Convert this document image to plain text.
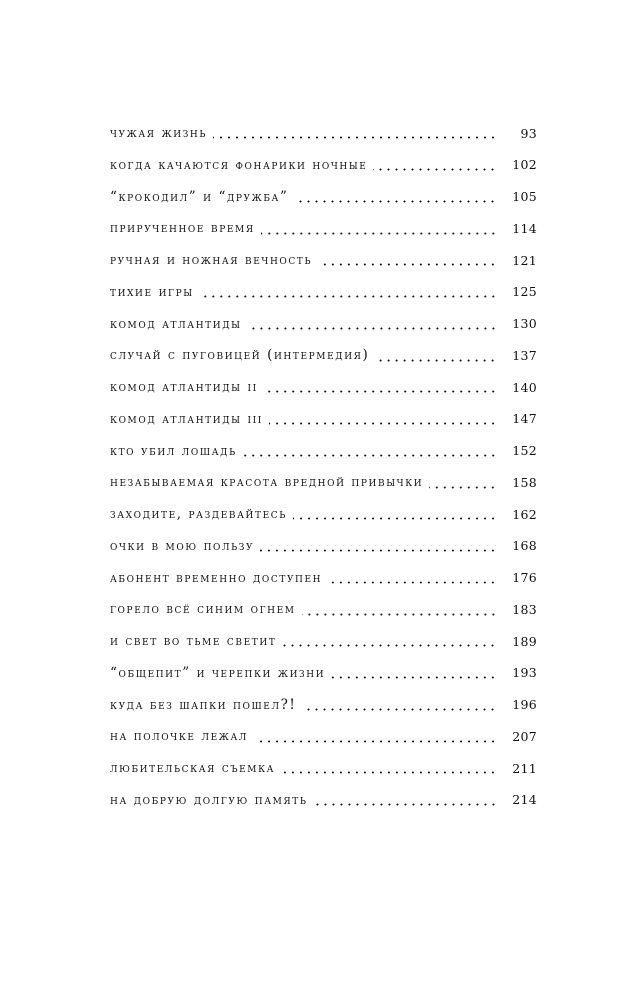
чужая жизнь	93
когда качаются фонарики ночные	102
“крокодил” и “дружба”	105
прирученное время	114
ручная и ножная вечность	121
тихие игры	125
комод атлантиды	130
случай с пуговицей (интермедия)	137
комод атлантиды ii	140
комод атлантиды iii	147
кто убил лошадь	152
незабываемая красота вредной привычки	158
заходите, раздевайтесь	162
очки в мою пользу	168
абонент временно доступен	176
горело всё синим огнем	183
и свет во тьме светит	189
“общепит” и черепки жизни	193
куда без шапки пошел?!	196
на полочке лежал	207
любительская съемка	211
на добрую долгую память	214
